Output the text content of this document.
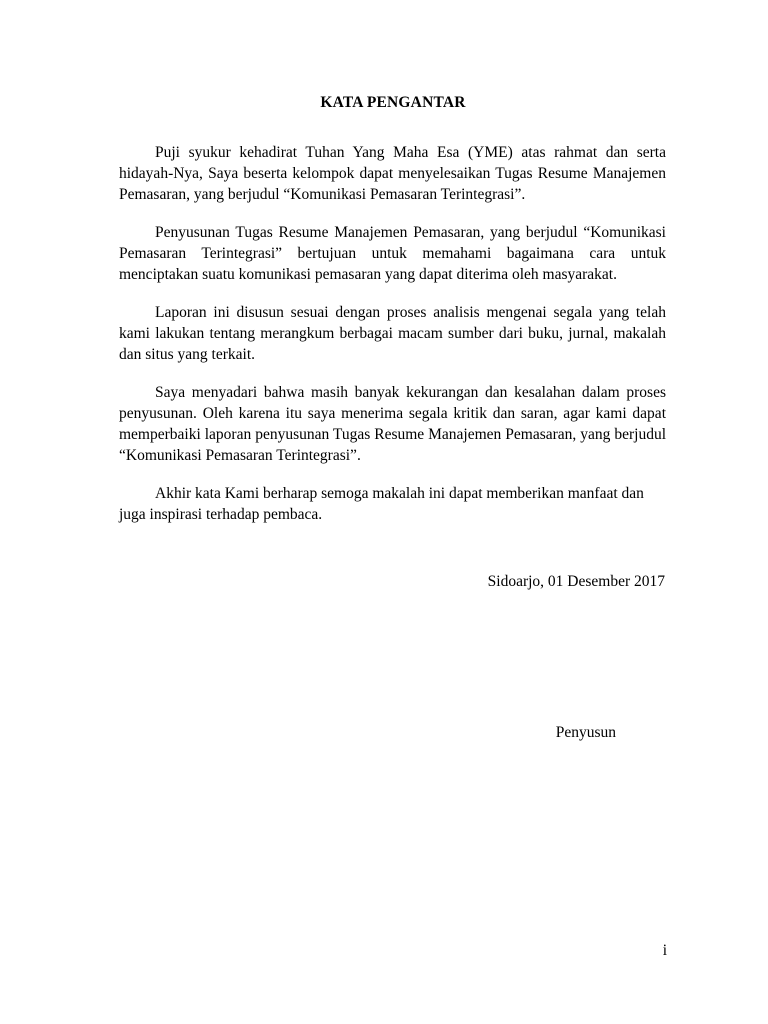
KATA PENGANTAR

Puji syukur kehadirat Tuhan Yang Maha Esa (YME) atas rahmat dan serta hidayah-Nya, Saya beserta kelompok dapat menyelesaikan Tugas Resume Manajemen Pemasaran, yang berjudul “Komunikasi Pemasaran Terintegrasi”.

Penyusunan Tugas Resume Manajemen Pemasaran, yang berjudul “Komunikasi Pemasaran Terintegrasi” bertujuan untuk memahami bagaimana cara untuk menciptakan suatu komunikasi pemasaran yang dapat diterima oleh masyarakat.

Laporan ini disusun sesuai dengan proses analisis mengenai segala yang telah kami lakukan tentang merangkum berbagai macam sumber dari buku, jurnal, makalah dan situs yang terkait.

Saya menyadari bahwa masih banyak kekurangan dan kesalahan dalam proses penyusunan. Oleh karena itu saya menerima segala kritik dan saran, agar kami dapat memperbaiki laporan penyusunan Tugas Resume Manajemen Pemasaran, yang berjudul “Komunikasi Pemasaran Terintegrasi”.

Akhir kata Kami berharap semoga makalah ini dapat memberikan manfaat dan juga inspirasi terhadap pembaca.

Sidoarjo, 01 Desember 2017
Penyusun
i
